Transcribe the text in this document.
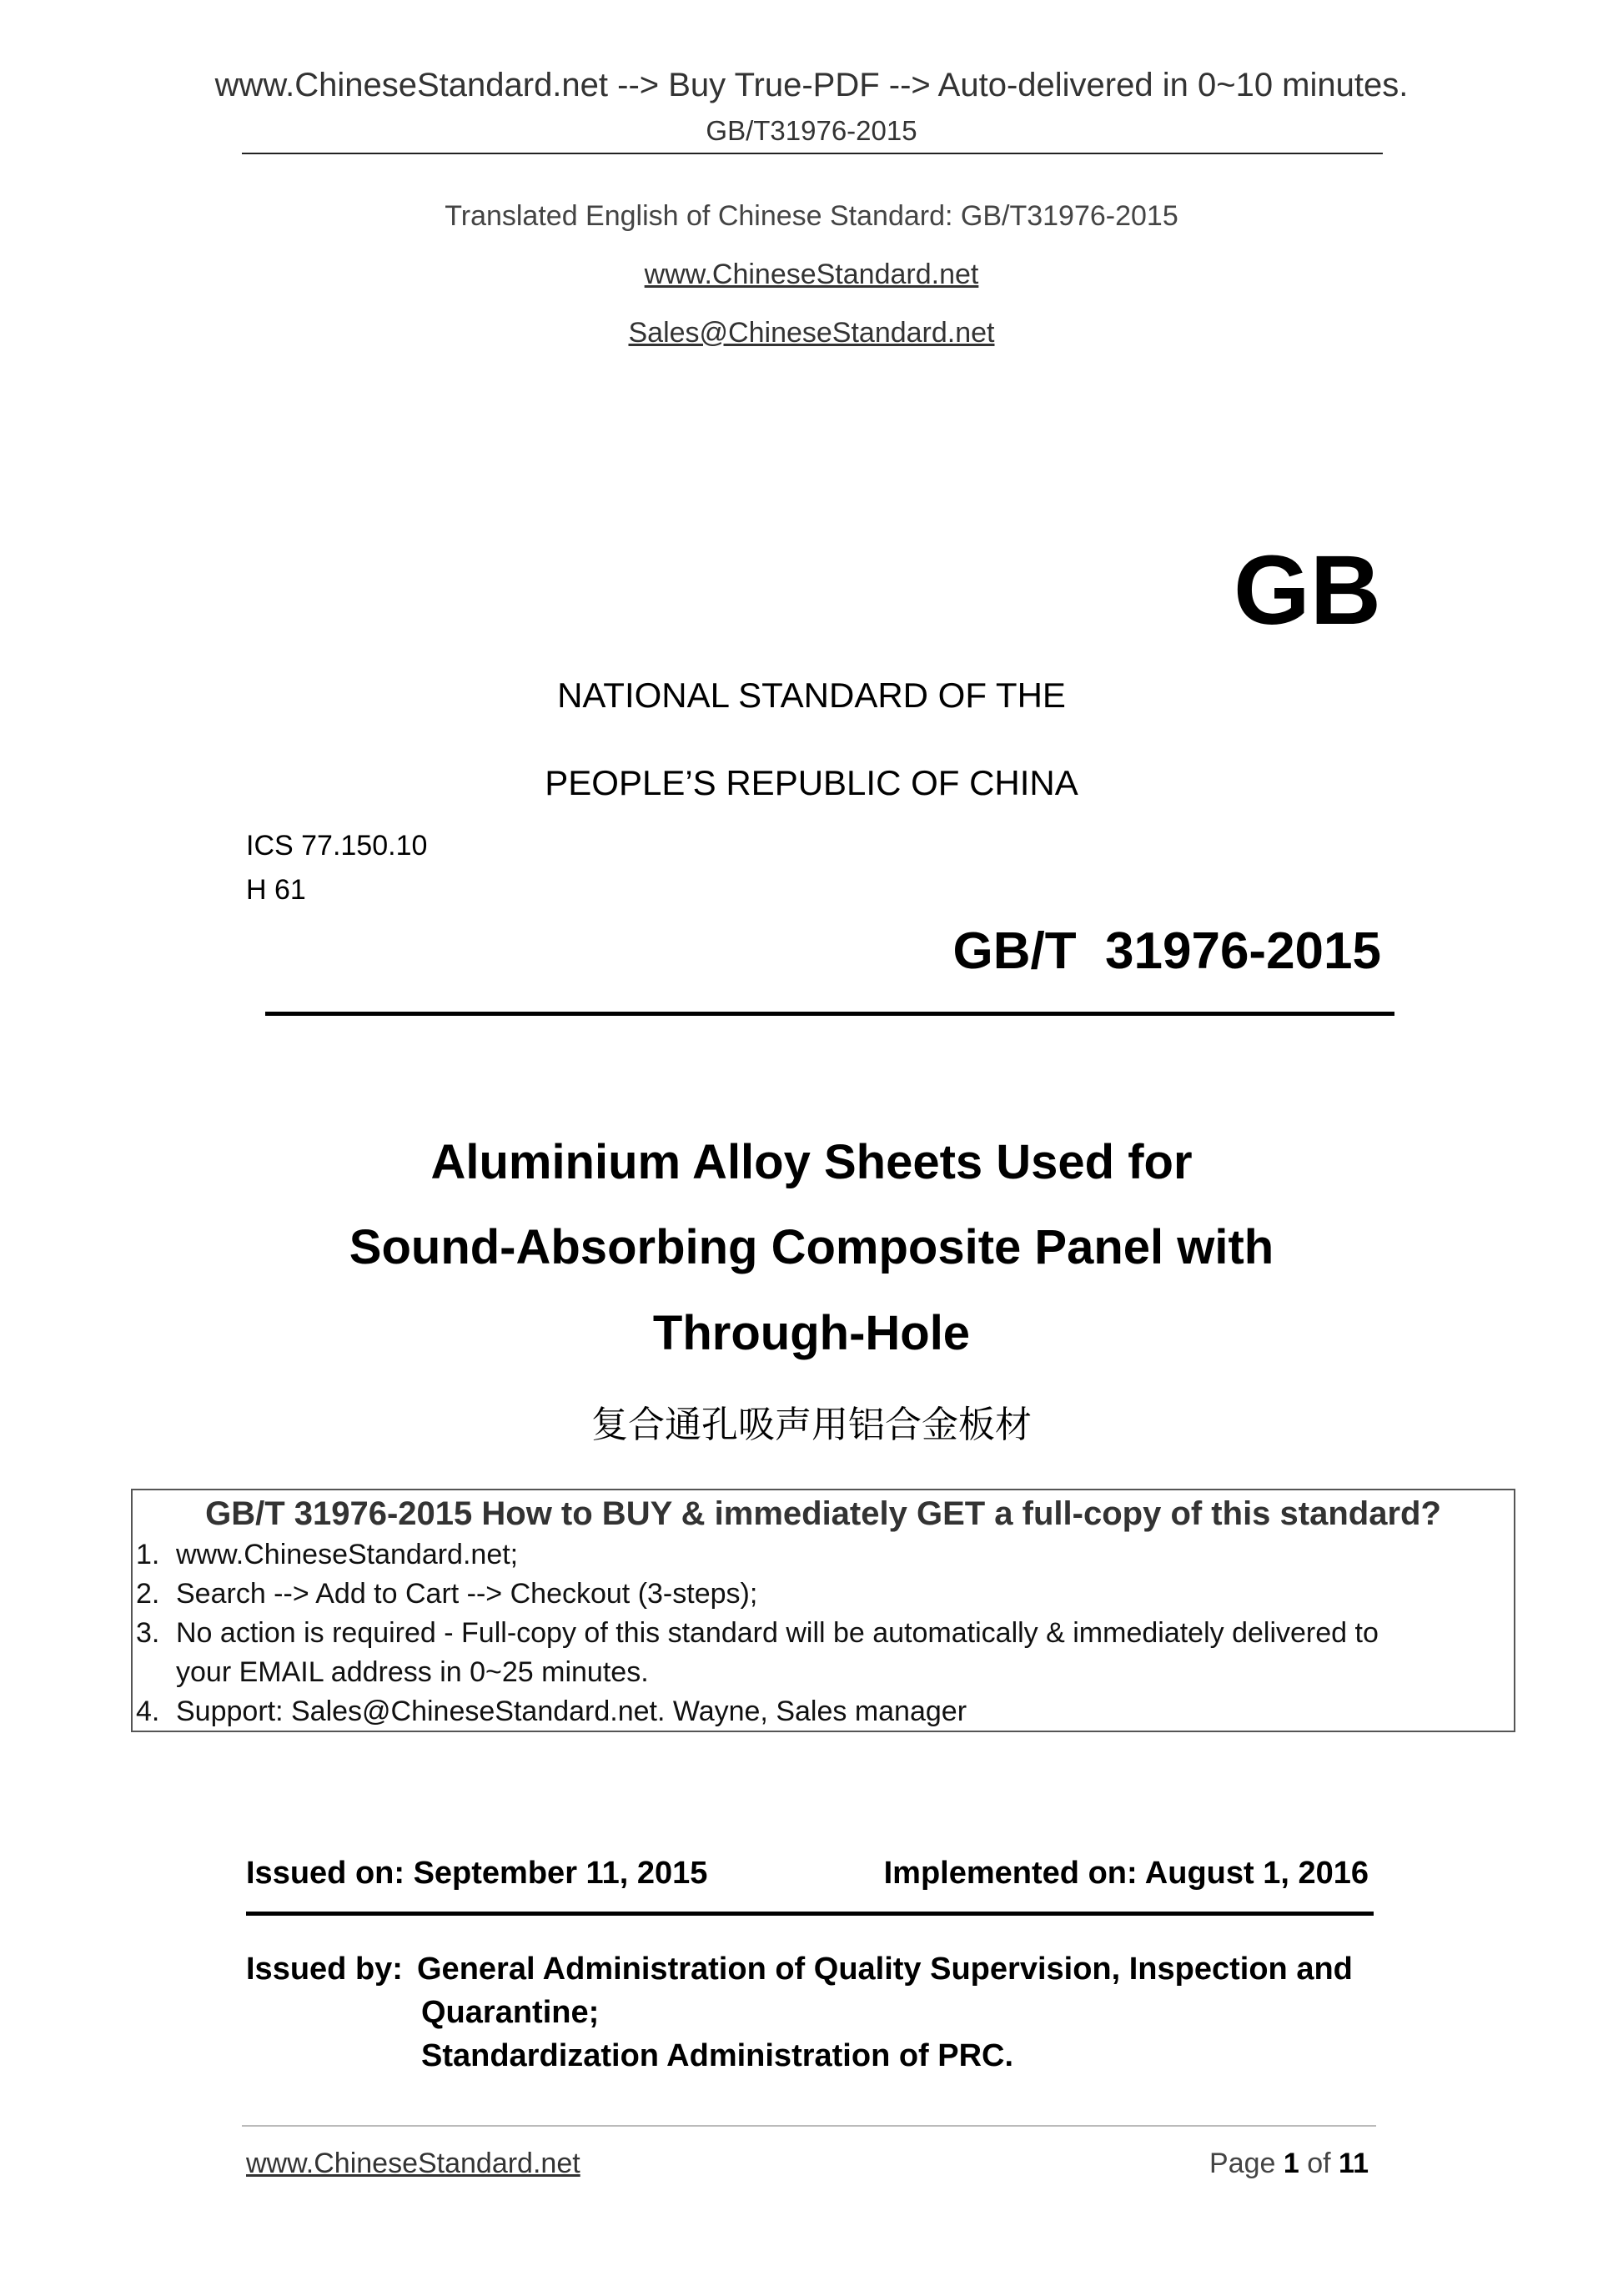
www.ChineseStandard.net --> Buy True-PDF --> Auto-delivered in 0~10 minutes.
GB/T31976-2015
Translated English of Chinese Standard: GB/T31976-2015
www.ChineseStandard.net
Sales@ChineseStandard.net
GB
NATIONAL STANDARD OF THE
PEOPLE’S REPUBLIC OF CHINA
ICS 77.150.10
H 61
GB/T  31976-2015
Aluminium Alloy Sheets Used for
Sound-Absorbing Composite Panel with
Through-Hole
复合通孔吸声用铝合金板材
GB/T 31976-2015 How to BUY & immediately GET a full-copy of this standard?
1. www.ChineseStandard.net;
2. Search --> Add to Cart --> Checkout (3-steps);
3. No action is required - Full-copy of this standard will be automatically & immediately delivered to
your EMAIL address in 0~25 minutes.
4. Support: Sales@ChineseStandard.net. Wayne, Sales manager
Issued on: September 11, 2015	Implemented on: August 1, 2016
Issued by: General Administration of Quality Supervision, Inspection and
Quarantine;
Standardization Administration of PRC.
www.ChineseStandard.net	Page 1 of 11
